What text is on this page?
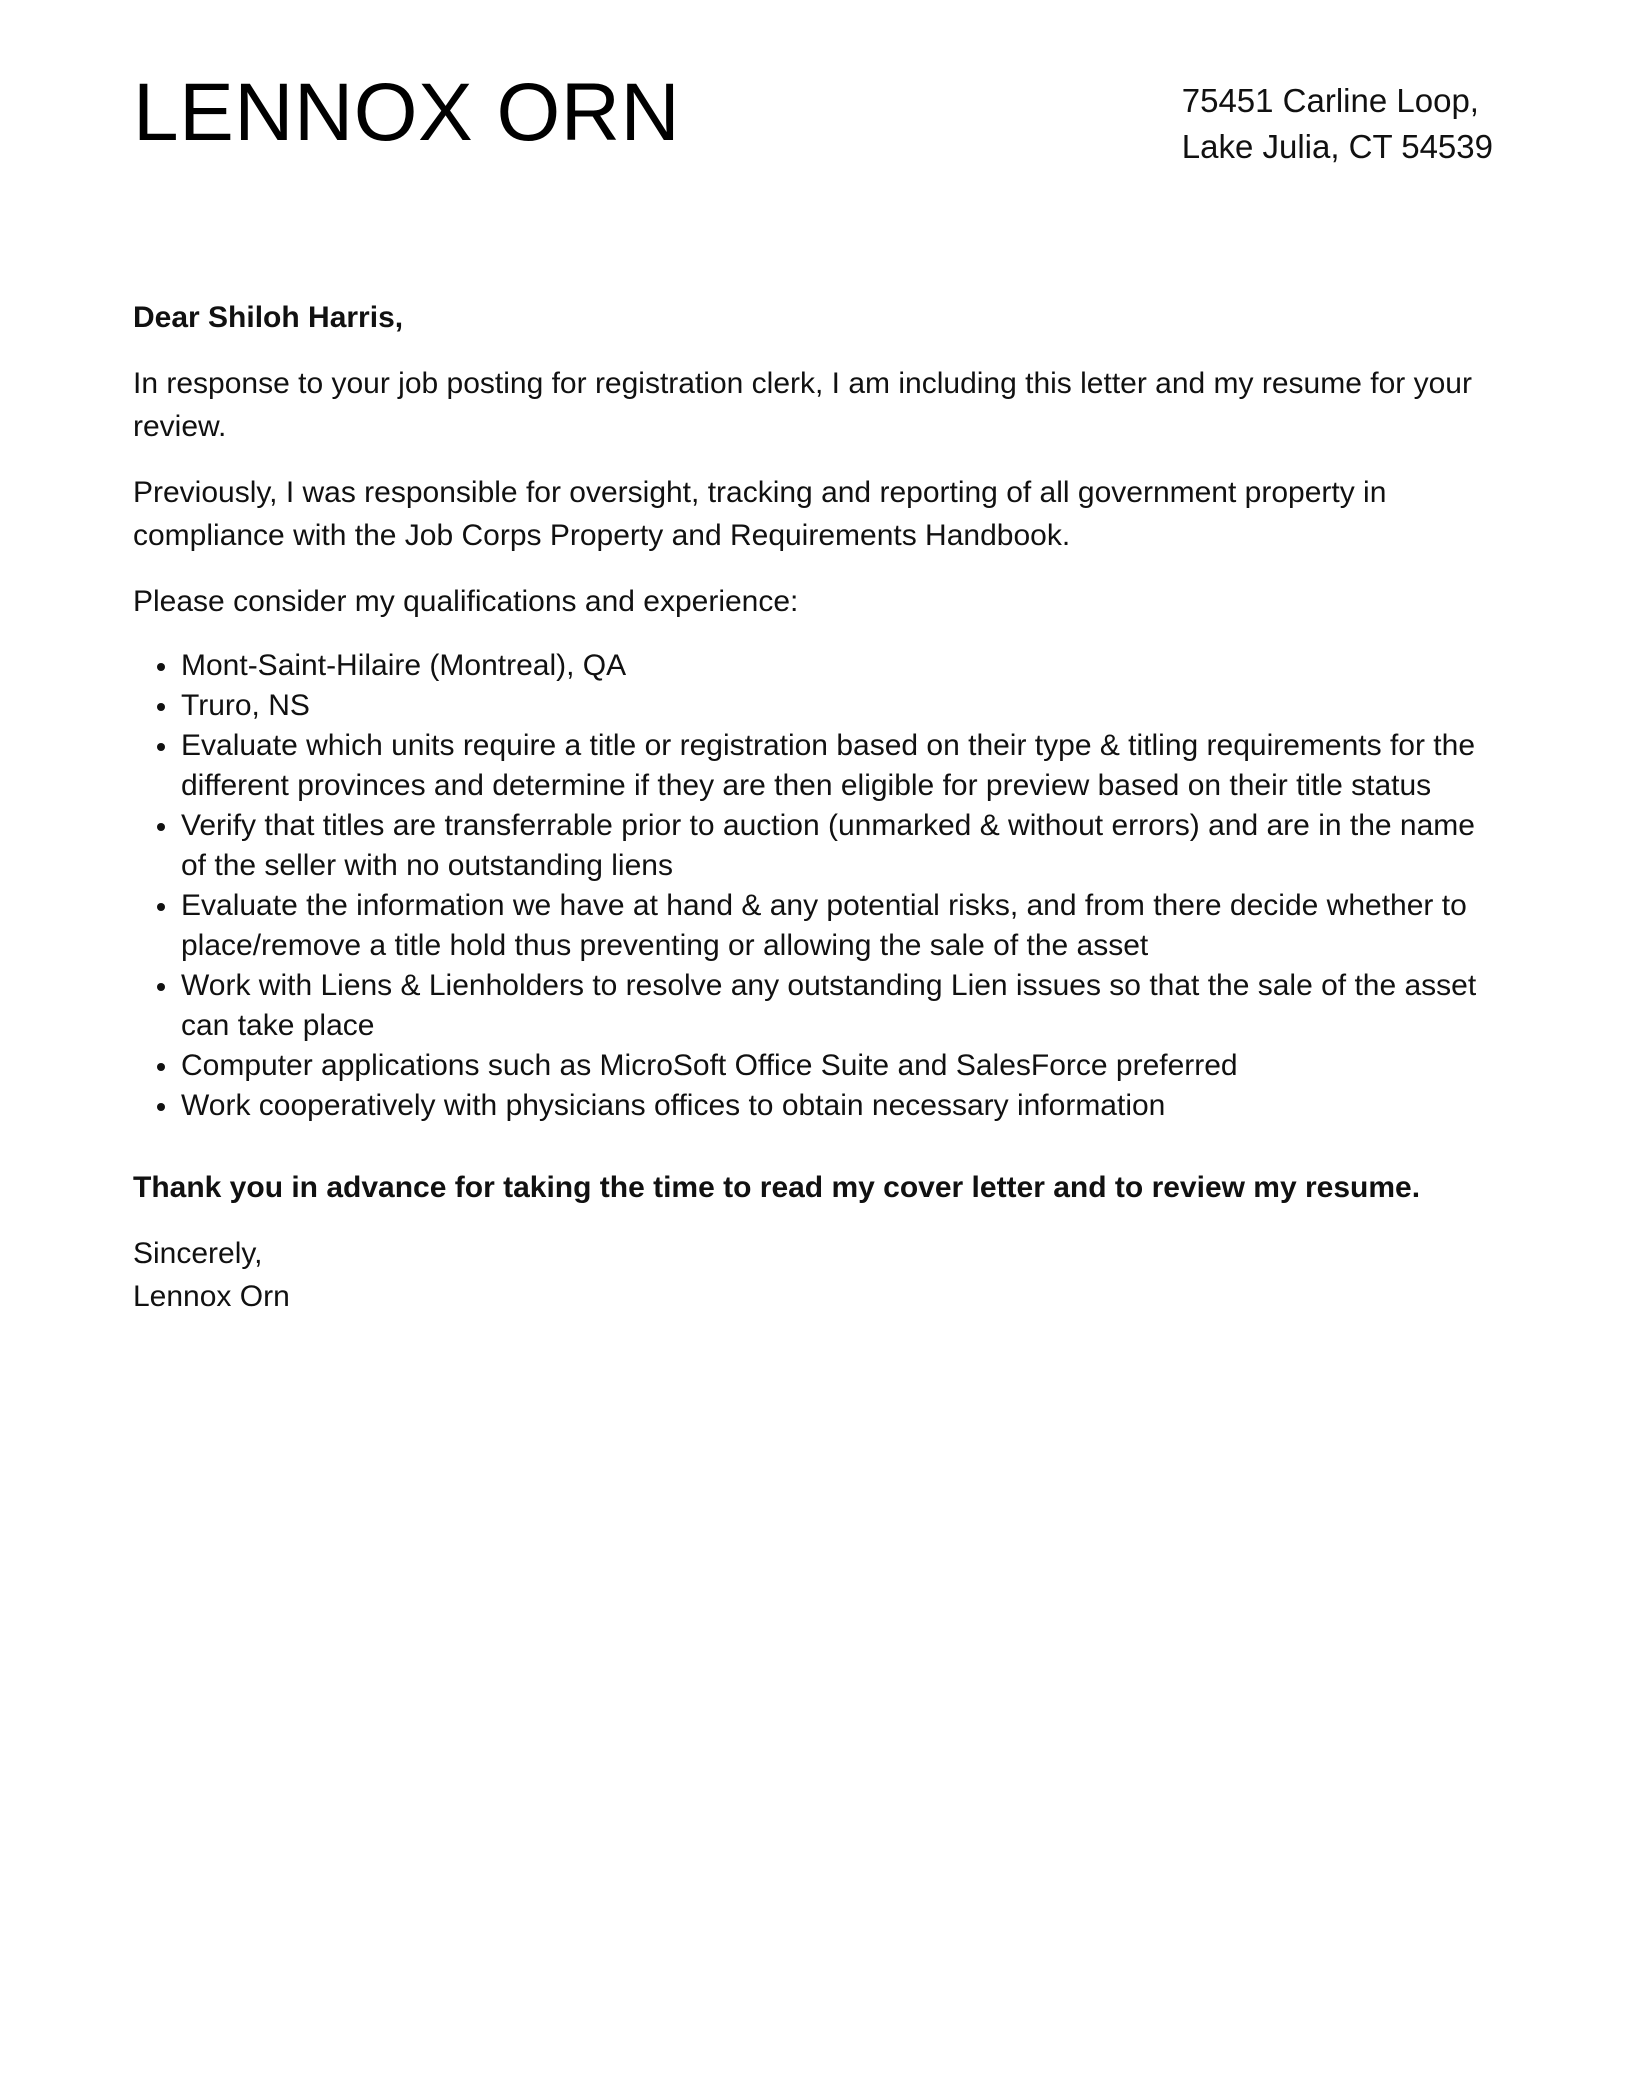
LENNOX ORN	75451 Carline Loop,
Lake Julia, CT 54539

Dear Shiloh Harris,

In response to your job posting for registration clerk, I am including this letter and my resume for your review.

Previously, I was responsible for oversight, tracking and reporting of all government property in compliance with the Job Corps Property and Requirements Handbook.

Please consider my qualifications and experience:

Mont-Saint-Hilaire (Montreal), QA
Truro, NS
Evaluate which units require a title or registration based on their type & titling requirements for the different provinces and determine if they are then eligible for preview based on their title status
Verify that titles are transferrable prior to auction (unmarked & without errors) and are in the name of the seller with no outstanding liens
Evaluate the information we have at hand & any potential risks, and from there decide whether to place/remove a title hold thus preventing or allowing the sale of the asset
Work with Liens & Lienholders to resolve any outstanding Lien issues so that the sale of the asset can take place
Computer applications such as MicroSoft Office Suite and SalesForce preferred
Work cooperatively with physicians offices to obtain necessary information

Thank you in advance for taking the time to read my cover letter and to review my resume.

Sincerely,
Lennox Orn
